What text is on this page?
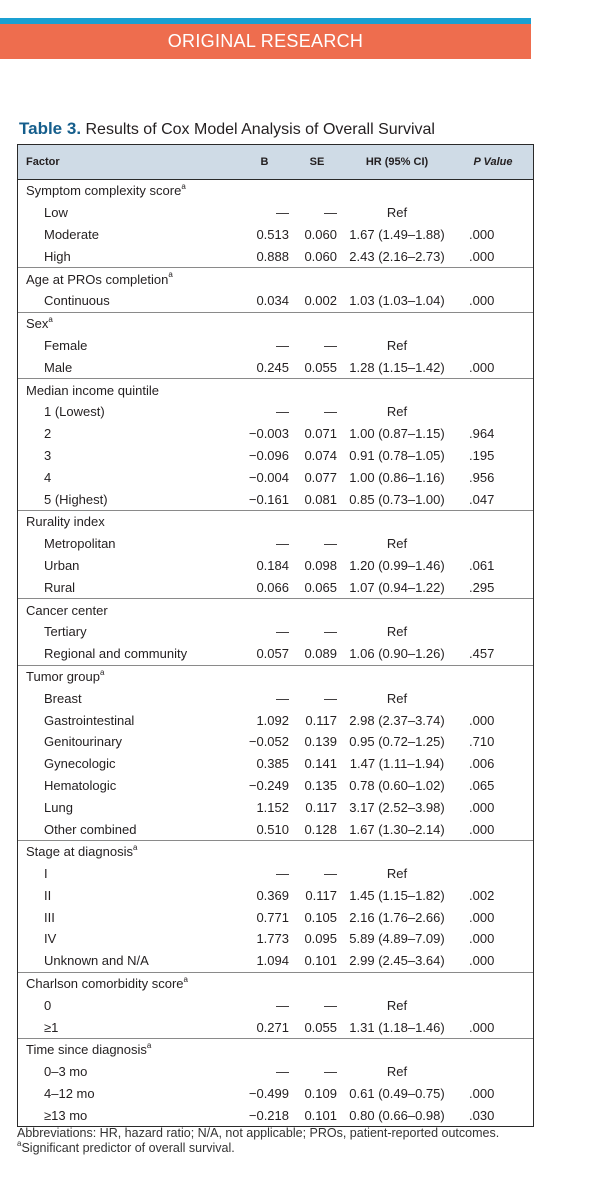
ORIGINAL RESEARCH
Table 3. Results of Cox Model Analysis of Overall Survival
Factor	B	SE	HR (95% CI)	P Value
Symptom complexity score$^a$
Low	—	—	Ref	
Moderate	0.513	0.060	1.67 (1.49–1.88)	.000
High	0.888	0.060	2.43 (2.16–2.73)	.000
Age at PROs completion$^a$
Continuous	0.034	0.002	1.03 (1.03–1.04)	.000
Sex$^a$
Female	—	—	Ref	
Male	0.245	0.055	1.28 (1.15–1.42)	.000
Median income quintile				
1 (Lowest)	—	—	Ref	
2	−0.003	0.071	1.00 (0.87–1.15)	.964
3	−0.096	0.074	0.91 (0.78–1.05)	.195
4	−0.004	0.077	1.00 (0.86–1.16)	.956
5 (Highest)	−0.161	0.081	0.85 (0.73–1.00)	.047
Rurality index				
Metropolitan	—	—	Ref	
Urban	0.184	0.098	1.20 (0.99–1.46)	.061
Rural	0.066	0.065	1.07 (0.94–1.22)	.295
Cancer center				
Tertiary	—	—	Ref	
Regional and community	0.057	0.089	1.06 (0.90–1.26)	.457
Tumor group$^a$
Breast	—	—	Ref	
Gastrointestinal	1.092	0.117	2.98 (2.37–3.74)	.000
Genitourinary	−0.052	0.139	0.95 (0.72–1.25)	.710
Gynecologic	0.385	0.141	1.47 (1.11–1.94)	.006
Hematologic	−0.249	0.135	0.78 (0.60–1.02)	.065
Lung	1.152	0.117	3.17 (2.52–3.98)	.000
Other combined	0.510	0.128	1.67 (1.30–2.14)	.000
Stage at diagnosis$^a$
I	—	—	Ref	
II	0.369	0.117	1.45 (1.15–1.82)	.002
III	0.771	0.105	2.16 (1.76–2.66)	.000
IV	1.773	0.095	5.89 (4.89–7.09)	.000
Unknown and N/A	1.094	0.101	2.99 (2.45–3.64)	.000
Charlson comorbidity score$^a$
0	—	—	Ref	
≥1	0.271	0.055	1.31 (1.18–1.46)	.000
Time since diagnosis$^a$
0–3 mo	—	—	Ref	
4–12 mo	−0.499	0.109	0.61 (0.49–0.75)	.000
≥13 mo	−0.218	0.101	0.80 (0.66–0.98)	.030
Abbreviations: HR, hazard ratio; N/A, not applicable; PROs, patient-reported outcomes.
$^a$Significant predictor of overall survival.
